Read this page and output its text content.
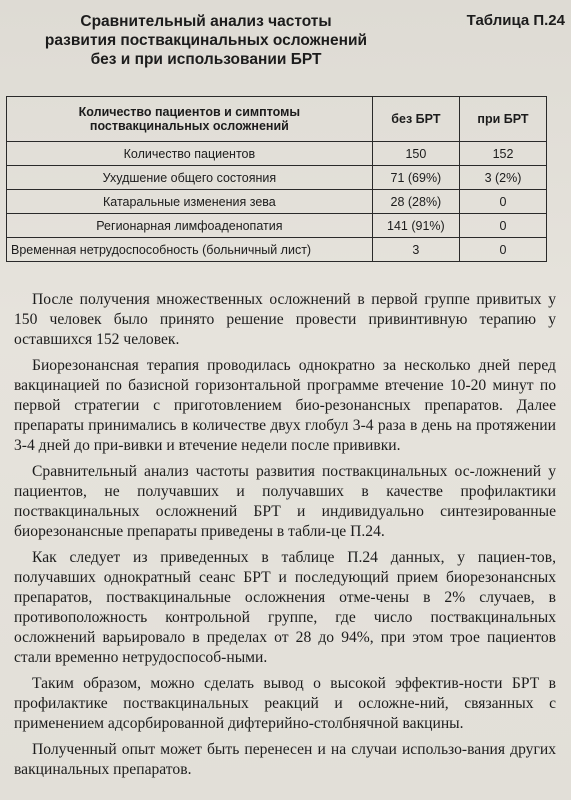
Сравнительный анализ частоты
развития поствакцинальных осложнений
без и при использовании БРТ
Таблица П.24
Количество пациентов и симптомы
поствакцинальных осложнений	без БРТ	при БРТ
Количество пациентов	150	152
Ухудшение общего состояния	71 (69%)	3 (2%)
Катаральные изменения зева	28 (28%)	0
Регионарная лимфоаденопатия	141 (91%)	0
Временная нетрудоспособность (больничный лист)	3	0

После получения множественных осложнений в первой группе привитых у 150 человек было принято решение провести привинтивную терапию у оставшихся 152 человек.

Биорезонансная терапия проводилась однократно за несколько дней перед вакцинацией по базисной горизонтальной программе втечение 10-20 минут по первой стратегии с приготовлением био-резонансных препаратов. Далее препараты принимались в количестве двух глобул 3-4 раза в день на протяжении 3-4 дней до при-вивки и втечение недели после прививки.

Сравнительный анализ частоты развития поствакцинальных ос-ложнений у пациентов, не получавших и получавших в качестве профилактики поствакцинальных осложнений БРТ и индивидуально синтезированные биорезонансные препараты приведены в табли-це П.24.

Как следует из приведенных в таблице П.24 данных, у пациен-тов, получавших однократный сеанс БРТ и последующий прием биорезонансных препаратов, поствакцинальные осложнения отме-чены в 2% случаев, в противоположность контрольной группе, где число поствакцинальных осложнений варьировало в пределах от 28 до 94%, при этом трое пациентов стали временно нетрудоспособ-ными.

Таким образом, можно сделать вывод о высокой эффектив-ности БРТ в профилактике поствакцинальных реакций и осложне-ний, связанных с применением адсорбированной дифтерийно-столбнячной вакцины.

Полученный опыт может быть перенесен и на случаи использо-вания других вакцинальных препаратов.
